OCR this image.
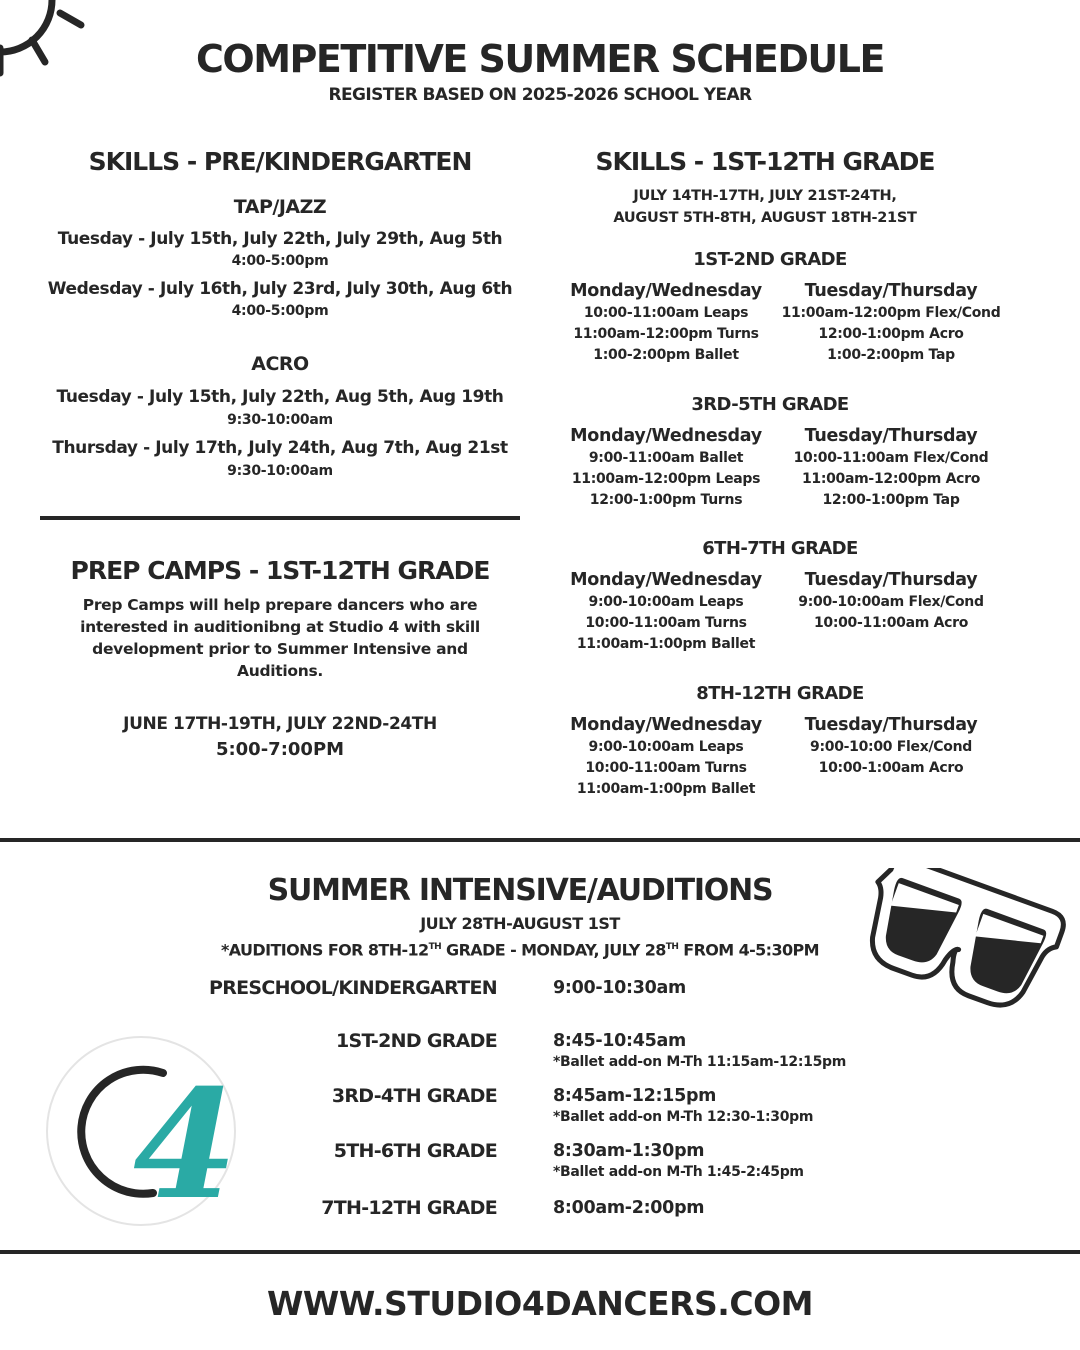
COMPETITIVE SUMMER SCHEDULE
REGISTER BASED ON 2025-2026 SCHOOL YEAR
SKILLS - PRE/KINDERGARTEN
TAP/JAZZ
Tuesday - July 15th, July 22th, July 29th, Aug 5th
4:00-5:00pm
Wedesday - July 16th, July 23rd, July 30th, Aug 6th
4:00-5:00pm
ACRO
Tuesday - July 15th, July 22th, Aug 5th, Aug 19th
9:30-10:00am
Thursday - July 17th, July 24th, Aug 7th, Aug 21st
9:30-10:00am
PREP CAMPS - 1ST-12TH GRADE
Prep Camps will help prepare dancers who are interested in auditionibng at Studio 4 with skill development prior to Summer Intensive and Auditions.
JUNE 17TH-19TH, JULY 22ND-24TH
5:00-7:00PM
SKILLS - 1ST-12TH GRADE
JULY 14TH-17TH, JULY 21ST-24TH,
AUGUST 5TH-8TH, AUGUST 18TH-21ST
1ST-2ND GRADE
Monday/Wednesday
10:00-11:00am Leaps
11:00am-12:00pm Turns
1:00-2:00pm Ballet
Tuesday/Thursday
11:00am-12:00pm Flex/Cond
12:00-1:00pm Acro
1:00-2:00pm Tap
3RD-5TH GRADE
Monday/Wednesday
9:00-11:00am Ballet
11:00am-12:00pm Leaps
12:00-1:00pm Turns
Tuesday/Thursday
10:00-11:00am Flex/Cond
11:00am-12:00pm Acro
12:00-1:00pm Tap
6TH-7TH GRADE
Monday/Wednesday
9:00-10:00am Leaps
10:00-11:00am Turns
11:00am-1:00pm Ballet
Tuesday/Thursday
9:00-10:00am Flex/Cond
10:00-11:00am Acro
8TH-12TH GRADE
Monday/Wednesday
9:00-10:00am Leaps
10:00-11:00am Turns
11:00am-1:00pm Ballet
Tuesday/Thursday
9:00-10:00 Flex/Cond
10:00-1:00am Acro
SUMMER INTENSIVE/AUDITIONS
JULY 28TH-AUGUST 1ST
*AUDITIONS FOR 8TH-12TH GRADE - MONDAY, JULY 28TH FROM 4-5:30PM
4
PRESCHOOL/KINDERGARTEN	9:00-10:30am
1ST-2ND GRADE	8:45-10:45am
*Ballet add-on M-Th 11:15am-12:15pm
3RD-4TH GRADE	8:45am-12:15pm
*Ballet add-on M-Th 12:30-1:30pm
5TH-6TH GRADE	8:30am-1:30pm
*Ballet add-on M-Th 1:45-2:45pm
7TH-12TH GRADE	8:00am-2:00pm
WWW.STUDIO4DANCERS.COM
